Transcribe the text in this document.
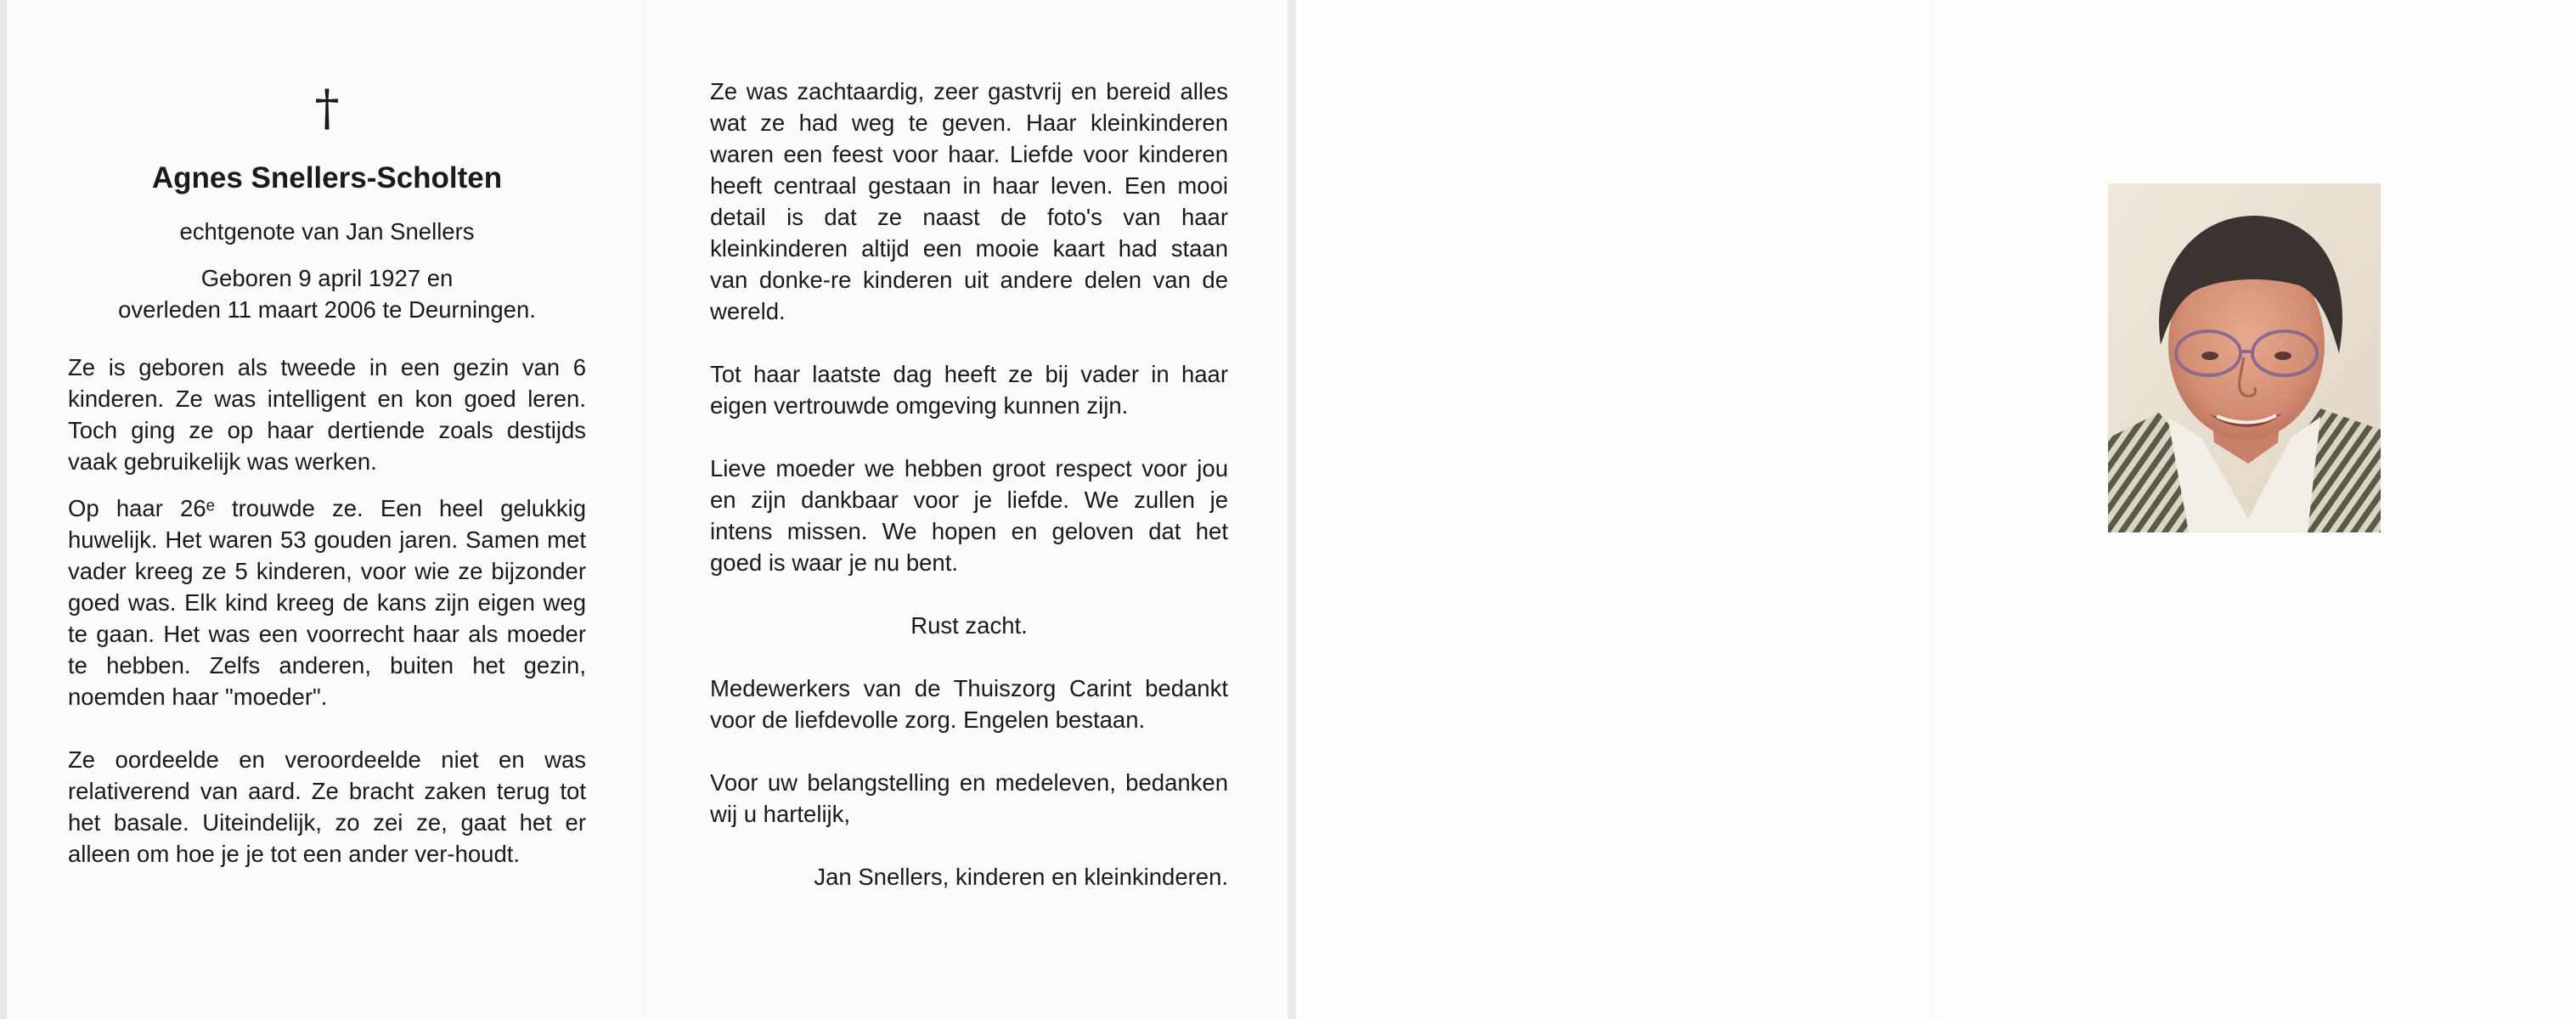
†
Agnes Snellers-Scholten
echtgenote van Jan Snellers
Geboren 9 april 1927 en
overleden 11 maart 2006 te Deurningen.

Ze is geboren als tweede in een gezin van 6 kinderen. Ze was intelligent en kon goed leren. Toch ging ze op haar dertiende zoals destijds vaak gebruikelijk was werken.

Op haar 26ᵉ trouwde ze. Een heel gelukkig huwelijk. Het waren 53 gouden jaren. Samen met vader kreeg ze 5 kinderen, voor wie ze bijzonder goed was. Elk kind kreeg de kans zijn eigen weg te gaan. Het was een voorrecht haar als moeder te hebben. Zelfs anderen, buiten het gezin, noemden haar "moeder".

Ze oordeelde en veroordeelde niet en was relativerend van aard. Ze bracht zaken terug tot het basale. Uiteindelijk, zo zei ze, gaat het er alleen om hoe je je tot een ander ver-houdt.

Ze was zachtaardig, zeer gastvrij en bereid alles wat ze had weg te geven. Haar kleinkinderen waren een feest voor haar. Liefde voor kinderen heeft centraal gestaan in haar leven. Een mooi detail is dat ze naast de foto's van haar kleinkinderen altijd een mooie kaart had staan van donke-re kinderen uit andere delen van de wereld.

Tot haar laatste dag heeft ze bij vader in haar eigen vertrouwde omgeving kunnen zijn.

Lieve moeder we hebben groot respect voor jou en zijn dankbaar voor je liefde. We zullen je intens missen. We hopen en geloven dat het goed is waar je nu bent.

Rust zacht.

Medewerkers van de Thuiszorg Carint bedankt voor de liefdevolle zorg. Engelen bestaan.

Voor uw belangstelling en medeleven, bedanken wij u hartelijk,

Jan Snellers, kinderen en kleinkinderen.
